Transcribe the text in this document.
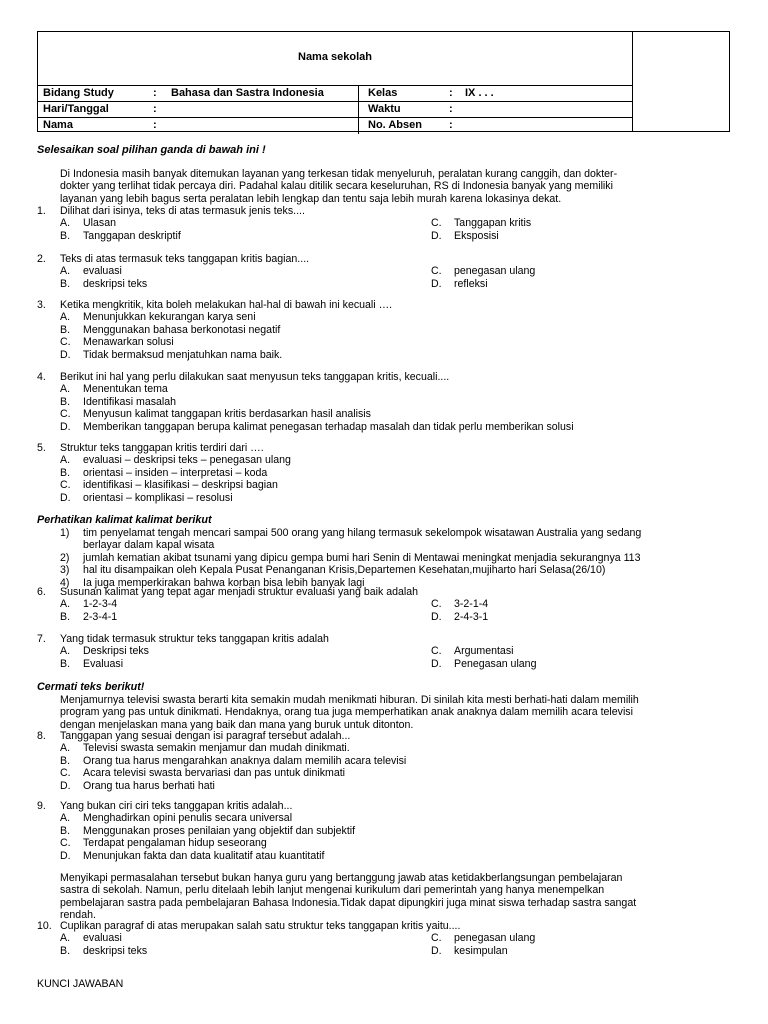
Nama sekolah
Bidang Study	: Bahasa dan Sastra Indonesia	Kelas	: IX . . .
Hari/Tanggal	:	Waktu	:
Nama	:	No. Absen :
Selesaikan soal pilihan ganda di bawah ini !
Di Indonesia masih banyak ditemukan layanan yang terkesan tidak menyeluruh, peralatan kurang canggih, dan dokter-
dokter yang terlihat tidak percaya diri. Padahal kalau ditilik secara keseluruhan, RS di Indonesia banyak yang memiliki
layanan yang lebih bagus serta peralatan lebih lengkap dan tentu saja lebih murah karena lokasinya dekat.
1. Dilihat dari isinya, teks di atas termasuk jenis teks....
A. Ulasan	C. Tanggapan kritis
B. Tanggapan deskriptif	D. Eksposisi
2. Teks di atas termasuk teks tanggapan kritis bagian....
A. evaluasi	C. penegasan ulang
B. deskripsi teks	D. refleksi
3. Ketika mengkritik, kita boleh melakukan hal-hal di bawah ini kecuali ….
A. Menunjukkan kekurangan karya seni
B. Menggunakan bahasa berkonotasi negatif
C. Menawarkan solusi
D. Tidak bermaksud menjatuhkan nama baik.
4. Berikut ini hal yang perlu dilakukan saat menyusun teks tanggapan kritis, kecuali....
A. Menentukan tema
B. Identifikasi masalah
C. Menyusun kalimat tanggapan kritis berdasarkan hasil analisis
D. Memberikan tanggapan berupa kalimat penegasan terhadap masalah dan tidak perlu memberikan solusi
5. Struktur teks tanggapan kritis terdiri dari ….
A. evaluasi – deskripsi teks – penegasan ulang
B. orientasi – insiden – interpretasi – koda
C. identifikasi – klasifikasi – deskripsi bagian
D. orientasi – komplikasi – resolusi
Perhatikan kalimat kalimat berikut
1) tim penyelamat tengah mencari sampai 500 orang yang hilang termasuk sekelompok wisatawan Australia yang sedang
berlayar dalam kapal wisata
2) jumlah kematian akibat tsunami yang dipicu gempa bumi hari Senin di Mentawai meningkat menjadia sekurangnya 113
3) hal itu disampaikan oleh Kepala Pusat Penanganan Krisis,Departemen Kesehatan,mujiharto hari Selasa(26/10)
4) Ia juga memperkirakan bahwa korban bisa lebih banyak lagi
6. Susunan kalimat yang tepat agar menjadi struktur evaluasi yang baik adalah
A. 1-2-3-4	C. 3-2-1-4
B. 2-3-4-1	D. 2-4-3-1
7. Yang tidak termasuk struktur teks tanggapan kritis adalah
A. Deskripsi teks	C. Argumentasi
B. Evaluasi	D. Penegasan ulang
Cermati teks berikut!
Menjamurnya televisi swasta berarti kita semakin mudah menikmati hiburan. Di sinilah kita mesti berhati-hati dalam memilih
program yang pas untuk dinikmati. Hendaknya, orang tua juga memperhatikan anak anaknya dalam memilih acara televisi
dengan menjelaskan mana yang baik dan mana yang buruk untuk ditonton.
8. Tanggapan yang sesuai dengan isi paragraf tersebut adalah...
A. Televisi swasta semakin menjamur dan mudah dinikmati.
B. Orang tua harus mengarahkan anaknya dalam memilih acara televisi
C. Acara televisi swasta bervariasi dan pas untuk dinikmati
D. Orang tua harus berhati hati
9. Yang bukan ciri ciri teks tanggapan kritis adalah...
A. Menghadirkan opini penulis secara universal
B. Menggunakan proses penilaian yang objektif dan subjektif
C. Terdapat pengalaman hidup seseorang
D. Menunjukan fakta dan data kualitatif atau kuantitatif
Menyikapi permasalahan tersebut bukan hanya guru yang bertanggung jawab atas ketidakberlangsungan pembelajaran
sastra di sekolah. Namun, perlu ditelaah lebih lanjut mengenai kurikulum dari pemerintah yang hanya menempelkan
pembelajaran sastra pada pembelajaran Bahasa Indonesia.Tidak dapat dipungkiri juga minat siswa terhadap sastra sangat
rendah.
10. Cuplikan paragraf di atas merupakan salah satu struktur teks tanggapan kritis yaitu....
A. evaluasi	C. penegasan ulang
B. deskripsi teks	D. kesimpulan
KUNCI JAWABAN
